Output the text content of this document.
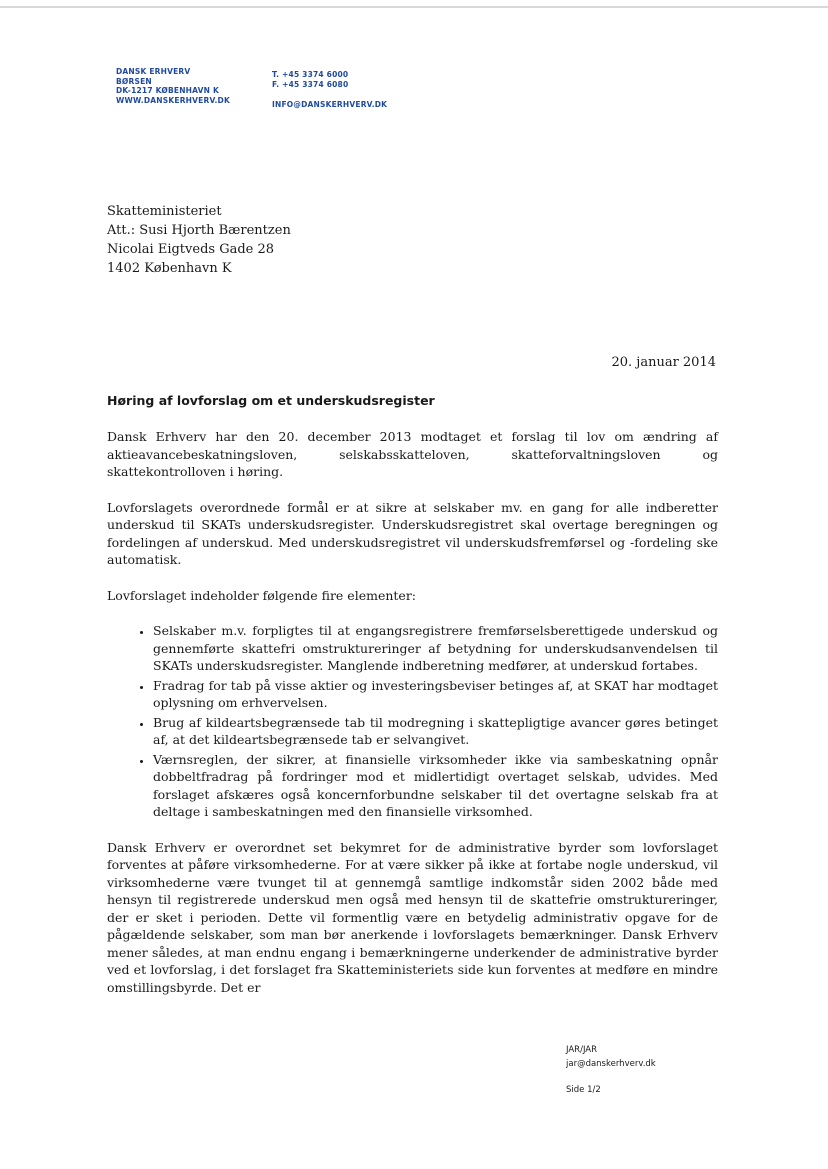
DANSK ERHVERV
BØRSEN
DK-1217 KØBENHAVN K
WWW.DANSKERHVERV.DK
T. +45 3374 6000
F. +45 3374 6080
INFO@DANSKERHVERV.DK
Skatteministeriet
Att.: Susi Hjorth Bærentzen
Nicolai Eigtveds Gade 28
1402 København K
20. januar 2014
Høring af lovforslag om et underskudsregister

Dansk Erhverv har den 20. december 2013 modtaget et forslag til lov om ændring af aktieavancebeskatningsloven, selskabsskatteloven, skatteforvaltningsloven og skattekontrolloven i høring.

Lovforslagets overordnede formål er at sikre at selskaber mv. en gang for alle indberetter underskud til SKATs underskudsregister. Underskudsregistret skal overtage beregningen og fordelingen af underskud. Med underskudsregistret vil underskudsfremførsel og -fordeling ske automatisk.

Lovforslaget indeholder følgende fire elementer:

• Selskaber m.v. forpligtes til at engangsregistrere fremførselsberettigede underskud og gennemførte skattefri omstruktureringer af betydning for underskudsanvendelsen til SKATs underskudsregister. Manglende indberetning medfører, at underskud fortabes.
• Fradrag for tab på visse aktier og investeringsbeviser betinges af, at SKAT har modtaget oplysning om erhvervelsen.
• Brug af kildeartsbegrænsede tab til modregning i skattepligtige avancer gøres betinget af, at det kildeartsbegrænsede tab er selvangivet.
• Værnsreglen, der sikrer, at finansielle virksomheder ikke via sambeskatning opnår dobbeltfradrag på fordringer mod et midlertidigt overtaget selskab, udvides. Med forslaget afskæres også koncernforbundne selskaber til det overtagne selskab fra at deltage i sambeskatningen med den finansielle virksomhed.

Dansk Erhverv er overordnet set bekymret for de administrative byrder som lovforslaget forventes at påføre virksomhederne. For at være sikker på ikke at fortabe nogle underskud, vil virksomhederne være tvunget til at gennemgå samtlige indkomstår siden 2002 både med hensyn til registrerede underskud men også med hensyn til de skattefrie omstruktureringer, der er sket i perioden. Dette vil formentlig være en betydelig administrativ opgave for de pågældende selskaber, som man bør anerkende i lovforslagets bemærkninger. Dansk Erhverv mener således, at man endnu engang i bemærkningerne underkender de administrative byrder ved et lovforslag, i det forslaget fra Skatteministeriets side kun forventes at medføre en mindre omstillingsbyrde. Det er

JAR/JAR
jar@danskerhverv.dk
Side 1/2
